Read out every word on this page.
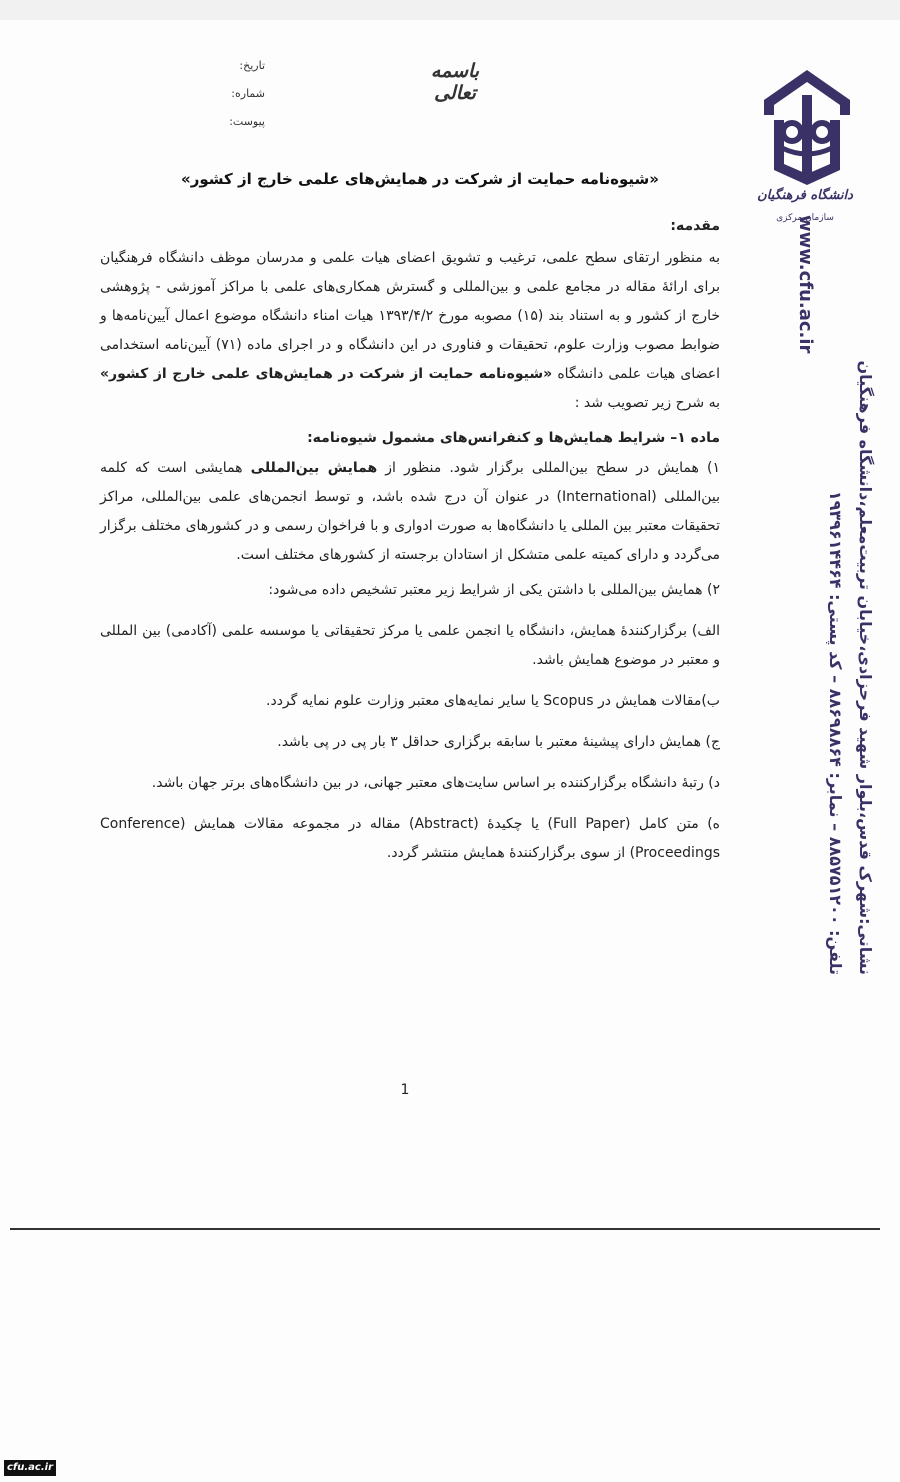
تاریخ:
شماره:
پیوست:
باسمه تعالی
دانشگاه فرهنگیان
سازمان مرکزی
نشانی:شهرک قدس،بلوار شهید فرحزادی،خیابان تربیت‌معلم،دانشگاه فرهنگیان
تلفن: ۸۸۵۷۵۱۲۰۰ – نمابر: ۸۸۶۹۸۸۶۴ – کد پستی: ۱۹۳۹۶۱۴۴۶۴
www.cfu.ac.ir
«شیوه‌نامه حمایت از شرکت در همایش‌های علمی خارج از کشور»
مقدمه:

به منظور ارتقای سطح علمی، ترغیب و تشویق اعضای هیات علمی و مدرسان موظف دانشگاه فرهنگیان برای ارائهٔ مقاله در مجامع علمی و بین‌المللی و گسترش همکاری‌های علمی با مراکز آموزشی - پژوهشی خارج از کشور و به استناد بند (۱۵) مصوبه مورخ ۱۳۹۳/۴/۲ هیات امناء دانشگاه موضوع اعمال آیین‌نامه‌ها و ضوابط مصوب وزارت علوم، تحقیقات و فناوری در این دانشگاه و در اجرای ماده (۷۱) آیین‌نامه استخدامی اعضای هیات علمی دانشگاه «شیوه‌نامه حمایت از شرکت در همایش‌های علمی خارج از کشور» به شرح زیر تصویب شد :

ماده ۱– شرایط همایش‌ها و کنفرانس‌های مشمول شیوه‌نامه:

۱) همایش در سطح بین‌المللی برگزار شود. منظور از همایش بین‌المللی همایشی است که کلمه بین‌المللی (International) در عنوان آن درج شده باشد، و توسط انجمن‌های علمی بین‌المللی، مراکز تحقیقات معتبر بین المللی یا دانشگاه‌ها به صورت ادواری و با فراخوان رسمی و در کشورهای مختلف برگزار می‌گردد و دارای کمیته علمی متشکل از استادان برجسته از کشورهای مختلف است.

۲) همایش بین‌المللی با داشتن یکی از شرایط زیر معتبر تشخیص داده می‌شود:

الف) برگزارکنندهٔ همایش، دانشگاه یا انجمن علمی یا مرکز تحقیقاتی یا موسسه علمی (آکادمی) بین المللی و معتبر در موضوع همایش باشد.

ب)مقالات همایش در Scopus یا سایر نمایه‌های معتبر وزارت علوم نمایه گردد.

ج) همایش دارای پیشینهٔ معتبر با سابقه برگزاری حداقل ۳ بار پی در پی باشد.

د) رتبهٔ دانشگاه برگزارکننده بر اساس سایت‌های معتبر جهانی، در بین دانشگاه‌های برتر جهان باشد.

ه) متن کامل (Full Paper) یا چکیدهٔ (Abstract) مقاله در مجموعه مقالات همایش (Conference Proceedings) از سوی برگزارکنندهٔ همایش منتشر گردد.

1
cfu.ac.ir
